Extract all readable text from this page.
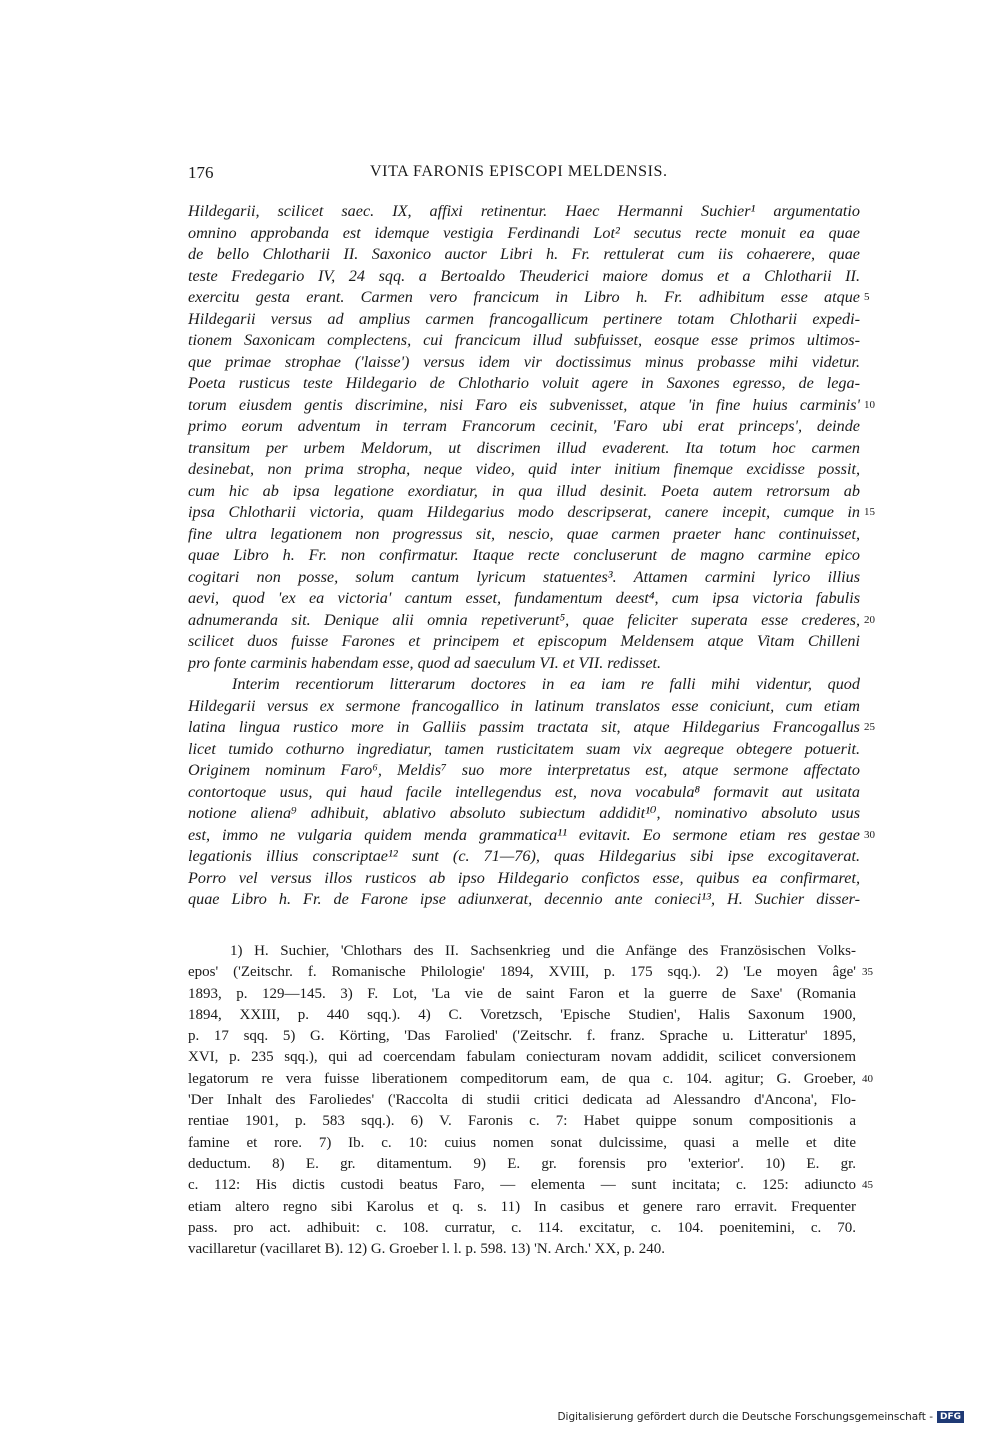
176	VITA FARONIS EPISCOPI MELDENSIS.
Hildegarii, scilicet saec. IX, affixi retinentur. Haec Hermanni Suchier¹ argumentatio
omnino approbanda est idemque vestigia Ferdinandi Lot² secutus recte monuit ea quae
de bello Chlotharii II. Saxonico auctor Libri h. Fr. rettulerat cum iis cohaerere, quae
teste Fredegario IV, 24 sqq. a Bertoaldo Theuderici maiore domus et a Chlotharii II.
exercitu gesta erant. Carmen vero francicum in Libro h. Fr. adhibitum esse atque
Hildegarii versus ad amplius carmen francogallicum pertinere totam Chlotharii expedi-
tionem Saxonicam complectens, cui francicum illud subfuisset, eosque esse primos ultimos-
que primae strophae ('laisse') versus idem vir doctissimus minus probasse mihi videtur.
Poeta rusticus teste Hildegario de Chlothario voluit agere in Saxones egresso, de lega-
torum eiusdem gentis discrimine, nisi Faro eis subvenisset, atque 'in fine huius carminis'
primo eorum adventum in terram Francorum cecinit, 'Faro ubi erat princeps', deinde
transitum per urbem Meldorum, ut discrimen illud evaderent. Ita totum hoc carmen
desinebat, non prima stropha, neque video, quid inter initium finemque excidisse possit,
cum hic ab ipsa legatione exordiatur, in qua illud desinit. Poeta autem retrorsum ab
ipsa Chlotharii victoria, quam Hildegarius modo descripserat, canere incepit, cumque in
fine ultra legationem non progressus sit, nescio, quae carmen praeter hanc continuisset,
quae Libro h. Fr. non confirmatur. Itaque recte concluserunt de magno carmine epico
cogitari non posse, solum cantum lyricum statuentes³. Attamen carmini lyrico illius
aevi, quod 'ex ea victoria' cantum esset, fundamentum deest⁴, cum ipsa victoria fabulis
adnumeranda sit. Denique alii omnia repetiverunt⁵, quae feliciter superata esse crederes,
scilicet duos fuisse Farones et principem et episcopum Meldensem atque Vitam Chilleni
pro fonte carminis habendam esse, quod ad saeculum VI. et VII. redisset.
Interim recentiorum litterarum doctores in ea iam re falli mihi videntur, quod
Hildegarii versus ex sermone francogallico in latinum translatos esse coniciunt, cum etiam
latina lingua rustico more in Galliis passim tractata sit, atque Hildegarius Francogallus
licet tumido cothurno ingrediatur, tamen rusticitatem suam vix aegreque obtegere potuerit.
Originem nominum Faro⁶, Meldis⁷ suo more interpretatus est, atque sermone affectato
contortoque usus, qui haud facile intellegendus est, nova vocabula⁸ formavit aut usitata
notione aliena⁹ adhibuit, ablativo absoluto subiectum addidit¹⁰, nominativo absoluto usus
est, immo ne vulgaria quidem menda grammatica¹¹ evitavit. Eo sermone etiam res gestae
legationis illius conscriptae¹² sunt (c. 71—76), quas Hildegarius sibi ipse excogitaverat.
Porro vel versus illos rusticos ab ipso Hildegario confictos esse, quibus ea confirmaret,
quae Libro h. Fr. de Farone ipse adiunxerat, decennio ante conieci¹³, H. Suchier disser-
5
10
15
20
25
30
1) H. Suchier, 'Chlothars des II. Sachsenkrieg und die Anfänge des Französischen Volks-
epos' ('Zeitschr. f. Romanische Philologie' 1894, XVIII, p. 175 sqq.). 2) 'Le moyen âge'
1893, p. 129—145. 3) F. Lot, 'La vie de saint Faron et la guerre de Saxe' (Romania
1894, XXIII, p. 440 sqq.). 4) C. Voretzsch, 'Epische Studien', Halis Saxonum 1900,
p. 17 sqq. 5) G. Körting, 'Das Farolied' ('Zeitschr. f. franz. Sprache u. Litteratur' 1895,
XVI, p. 235 sqq.), qui ad coercendam fabulam coniecturam novam addidit, scilicet conversionem
legatorum re vera fuisse liberationem compeditorum eam, de qua c. 104. agitur; G. Groeber,
'Der Inhalt des Faroliedes' ('Raccolta di studii critici dedicata ad Alessandro d'Ancona', Flo-
rentiae 1901, p. 583 sqq.). 6) V. Faronis c. 7: Habet quippe sonum compositionis a
famine et rore. 7) Ib. c. 10: cuius nomen sonat dulcissime, quasi a melle et dite
deductum. 8) E. gr. ditamentum. 9) E. gr. forensis pro 'exterior'. 10) E. gr.
c. 112: His dictis custodi beatus Faro, — elementa — sunt incitata; c. 125: adiuncto
etiam altero regno sibi Karolus et q. s. 11) In casibus et genere raro erravit. Frequenter
pass. pro act. adhibuit: c. 108. curratur, c. 114. excitatur, c. 104. poenitemini, c. 70.
vacillaretur (vacillaret B). 12) G. Groeber l. l. p. 598. 13) 'N. Arch.' XX, p. 240.
35
40
45
Digitalisierung gefördert durch die Deutsche Forschungsgemeinschaft - DFG
